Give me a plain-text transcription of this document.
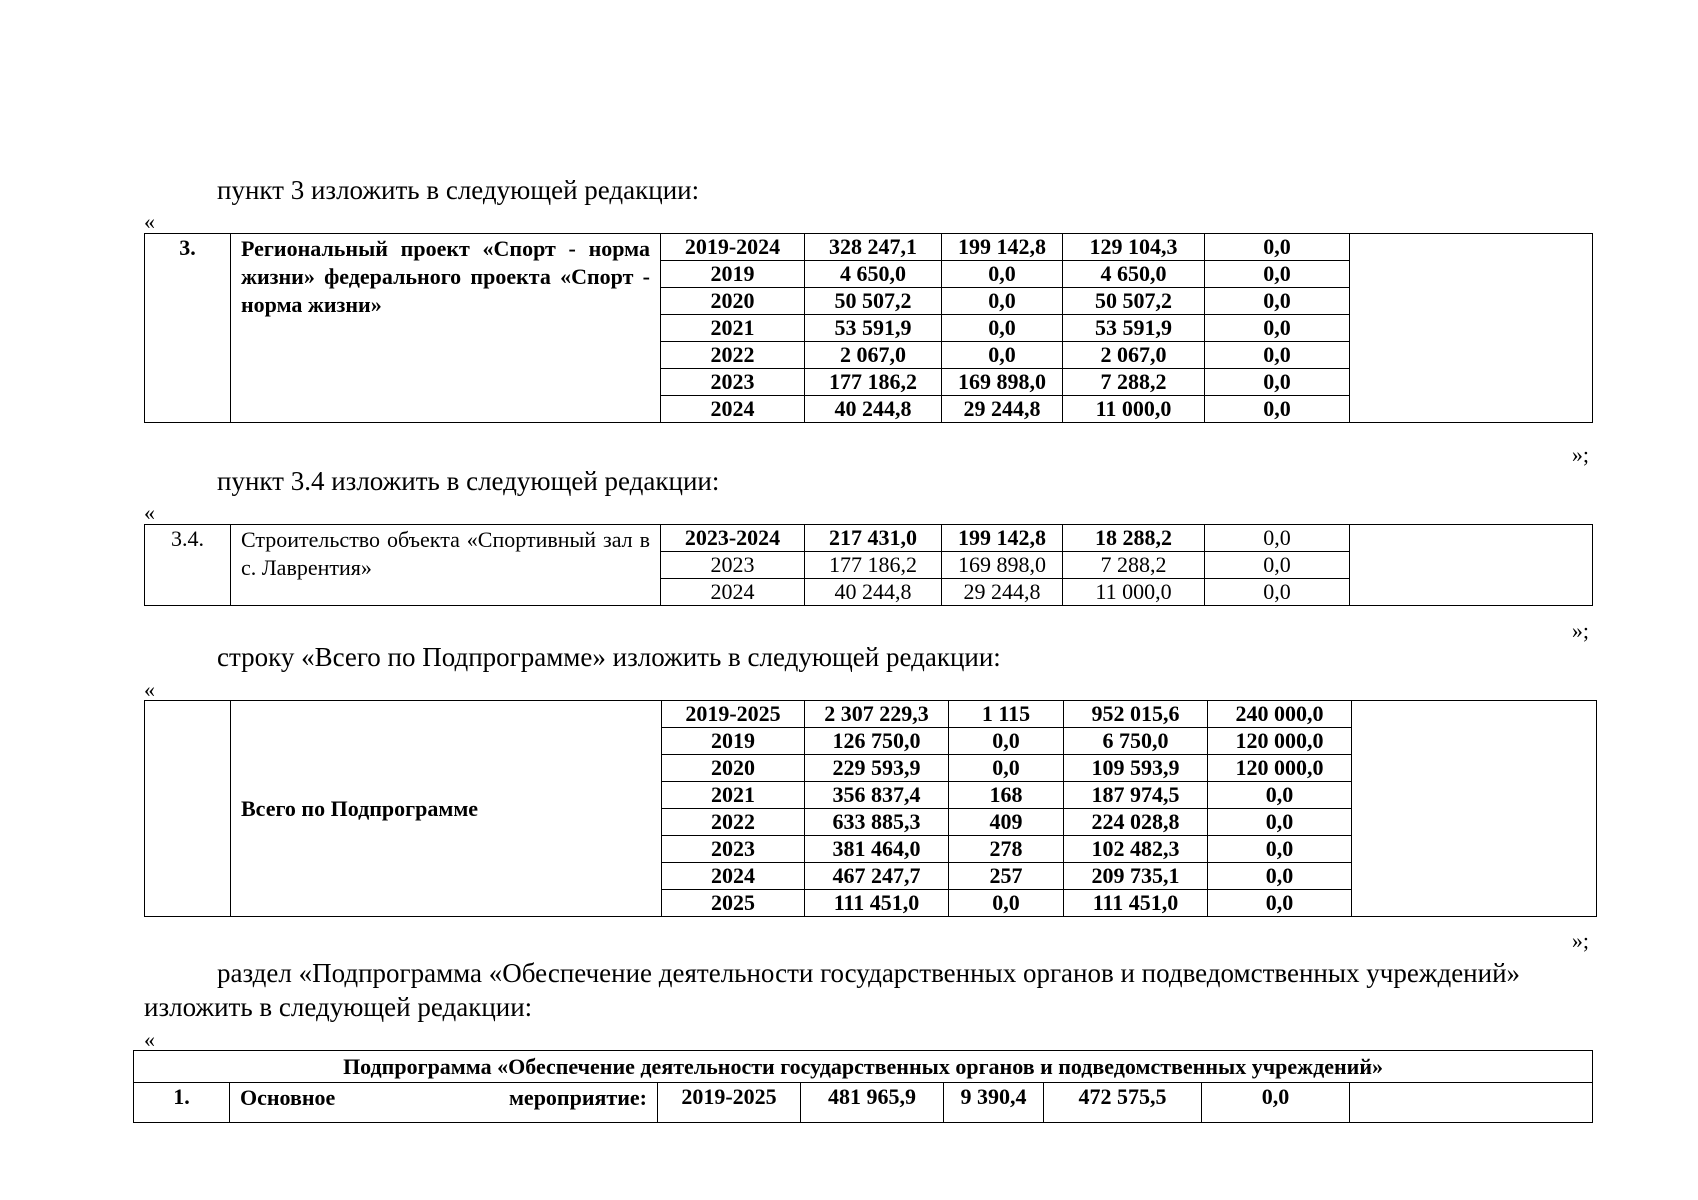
пункт 3 изложить в следующей редакции:
«
3.	Региональный проект «Спорт - норма жизни» федерального проекта «Спорт - норма жизни»	2019-2024	328 247,1	199 142,8	129 104,3	0,0	
		2019	4 650,0	0,0	4 650,0	0,0	
		2020	50 507,2	0,0	50 507,2	0,0	
		2021	53 591,9	0,0	53 591,9	0,0	
		2022	2 067,0	0,0	2 067,0	0,0	
		2023	177 186,2	169 898,0	7 288,2	0,0	
		2024	40 244,8	29 244,8	11 000,0	0,0	
»;
пункт 3.4 изложить в следующей редакции:
«
3.4.	Строительство объекта «Спортивный зал в с. Лаврентия»	2023-2024	217 431,0	199 142,8	18 288,2	0,0	
		2023	177 186,2	169 898,0	7 288,2	0,0	
		2024	40 244,8	29 244,8	11 000,0	0,0	
»;
строку «Всего по Подпрограмме» изложить в следующей редакции:
«
	Всего по Подпрограмме	2019-2025	2 307 229,3	1 115	952 015,6	240 000,0	
		2019	126 750,0	0,0	6 750,0	120 000,0	
		2020	229 593,9	0,0	109 593,9	120 000,0	
		2021	356 837,4	168	187 974,5	0,0	
		2022	633 885,3	409	224 028,8	0,0	
		2023	381 464,0	278	102 482,3	0,0	
		2024	467 247,7	257	209 735,1	0,0	
		2025	111 451,0	0,0	111 451,0	0,0	
»;
раздел «Подпрограмма «Обеспечение деятельности государственных органов и подведомственных учреждений»
изложить в следующей редакции:
«
Подпрограмма «Обеспечение деятельности государственных органов и подведомственных учреждений»
1.	Основное	мероприятие:	2019-2025	481 965,9	9 390,4	472 575,5	0,0	
